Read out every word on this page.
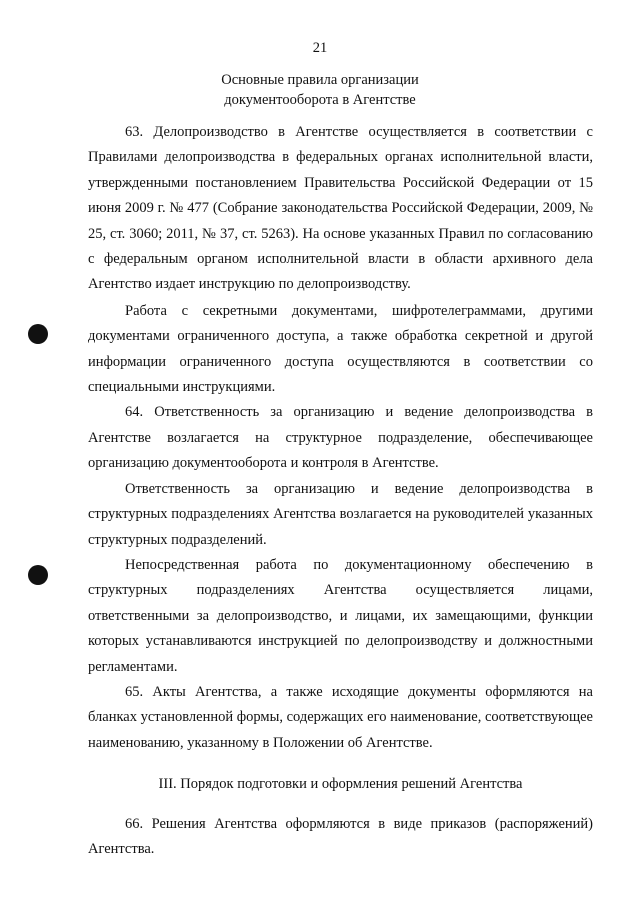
21
Основные правила организации
документооборота в Агентстве

63. Делопроизводство в Агентстве осуществляется в соответствии с Правилами делопроизводства в федеральных органах исполнительной власти, утвержденными постановлением Правительства Российской Федерации от 15 июня 2009 г. № 477 (Собрание законодательства Российской Федерации, 2009, № 25, ст. 3060; 2011, № 37, ст. 5263). На основе указанных Правил по согласованию с федеральным органом исполнительной власти в области архивного дела Агентство издает инструкцию по делопроизводству.

Работа с секретными документами, шифротелеграммами, другими документами ограниченного доступа, а также обработка секретной и другой информации ограниченного доступа осуществляются в соответствии со специальными инструкциями.

64. Ответственность за организацию и ведение делопроизводства в Агентстве возлагается на структурное подразделение, обеспечивающее организацию документооборота и контроля в Агентстве.

Ответственность за организацию и ведение делопроизводства в структурных подразделениях Агентства возлагается на руководителей указанных структурных подразделений.

Непосредственная работа по документационному обеспечению в структурных подразделениях Агентства осуществляется лицами, ответственными за делопроизводство, и лицами, их замещающими, функции которых устанавливаются инструкцией по делопроизводству и должностными регламентами.

65. Акты Агентства, а также исходящие документы оформляются на бланках установленной формы, содержащих его наименование, соответствующее наименованию, указанному в Положении об Агентстве.

III. Порядок подготовки и оформления решений Агентства

66. Решения Агентства оформляются в виде приказов (распоряжений) Агентства.
